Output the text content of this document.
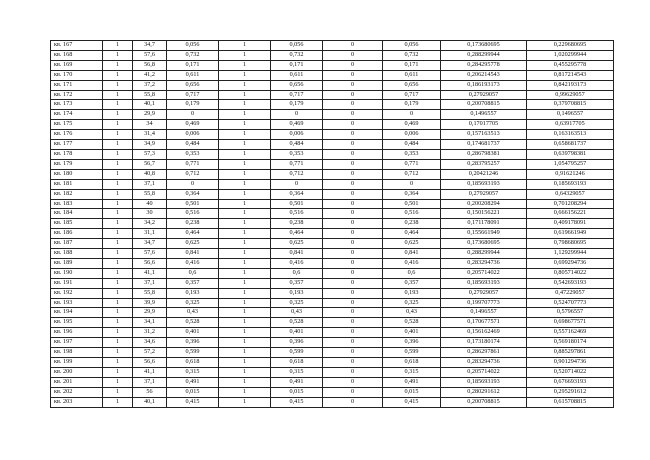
кв. 167	1	34,7	0,056	1	0,056	0	0,056	0,173680695	0,229680695
кв. 168	1	57,6	0,732	1	0,732	0	0,732	0,288299944	1,020299944
кв. 169	1	56,8	0,171	1	0,171	0	0,171	0,284295778	0,455295778
кв. 170	1	41,2	0,611	1	0,611	0	0,611	0,206214543	0,817214543
кв. 171	1	37,2	0,656	1	0,656	0	0,656	0,186193173	0,842193173
кв. 172	1	55,8	0,717	1	0,717	0	0,717	0,27929057	0,99629057
кв. 173	1	40,1	0,179	1	0,179	0	0,179	0,200708815	0,379708815
кв. 174	1	29,9	0	1	0	0	0	0,1496557	0,1496557
кв. 175	1	34	0,469	1	0,469	0	0,469	0,17017705	0,63917705
кв. 176	1	31,4	0,006	1	0,006	0	0,006	0,157163513	0,163163513
кв. 177	1	34,9	0,484	1	0,484	0	0,484	0,174681737	0,658681737
кв. 178	1	57,3	0,353	1	0,353	0	0,353	0,286798381	0,639798381
кв. 179	1	56,7	0,771	1	0,771	0	0,771	0,283795257	1,054795257
кв. 180	1	40,8	0,712	1	0,712	0	0,712	0,20421246	0,91621246
кв. 181	1	37,1	0	1	0	0	0	0,185693193	0,185693193
кв. 182	1	55,8	0,364	1	0,364	0	0,364	0,27929057	0,64329057
кв. 183	1	40	0,501	1	0,501	0	0,501	0,200208294	0,701208294
кв. 184	1	30	0,516	1	0,516	0	0,516	0,150156221	0,666156221
кв. 185	1	34,2	0,238	1	0,238	0	0,238	0,171178091	0,409178091
кв. 186	1	31,1	0,464	1	0,464	0	0,464	0,155661949	0,619661949
кв. 187	1	34,7	0,625	1	0,625	0	0,625	0,173680695	0,798680695
кв. 188	1	57,6	0,841	1	0,841	0	0,841	0,288299944	1,129299944
кв. 189	1	56,6	0,416	1	0,416	0	0,416	0,283294736	0,699294736
кв. 190	1	41,1	0,6	1	0,6	0	0,6	0,205714022	0,805714022
кв. 191	1	37,1	0,357	1	0,357	0	0,357	0,185693193	0,542693193
кв. 192	1	55,8	0,193	1	0,193	0	0,193	0,27929057	0,47229057
кв. 193	1	39,9	0,325	1	0,325	0	0,325	0,199707773	0,524707773
кв. 194	1	29,9	0,43	1	0,43	0	0,43	0,1496557	0,5796557
кв. 195	1	34,1	0,528	1	0,528	0	0,528	0,170677571	0,698677571
кв. 196	1	31,2	0,401	1	0,401	0	0,401	0,156162469	0,557162469
кв. 197	1	34,6	0,396	1	0,396	0	0,396	0,173180174	0,569180174
кв. 198	1	57,2	0,599	1	0,599	0	0,599	0,286297861	0,885297861
кв. 199	1	56,6	0,618	1	0,618	0	0,618	0,283294736	0,901294736
кв. 200	1	41,1	0,315	1	0,315	0	0,315	0,205714022	0,520714022
кв. 201	1	37,1	0,491	1	0,491	0	0,491	0,185693193	0,676693193
кв. 202	1	56	0,015	1	0,015	0	0,015	0,280291612	0,295291612
кв. 203	1	40,1	0,415	1	0,415	0	0,415	0,200708815	0,615708815
